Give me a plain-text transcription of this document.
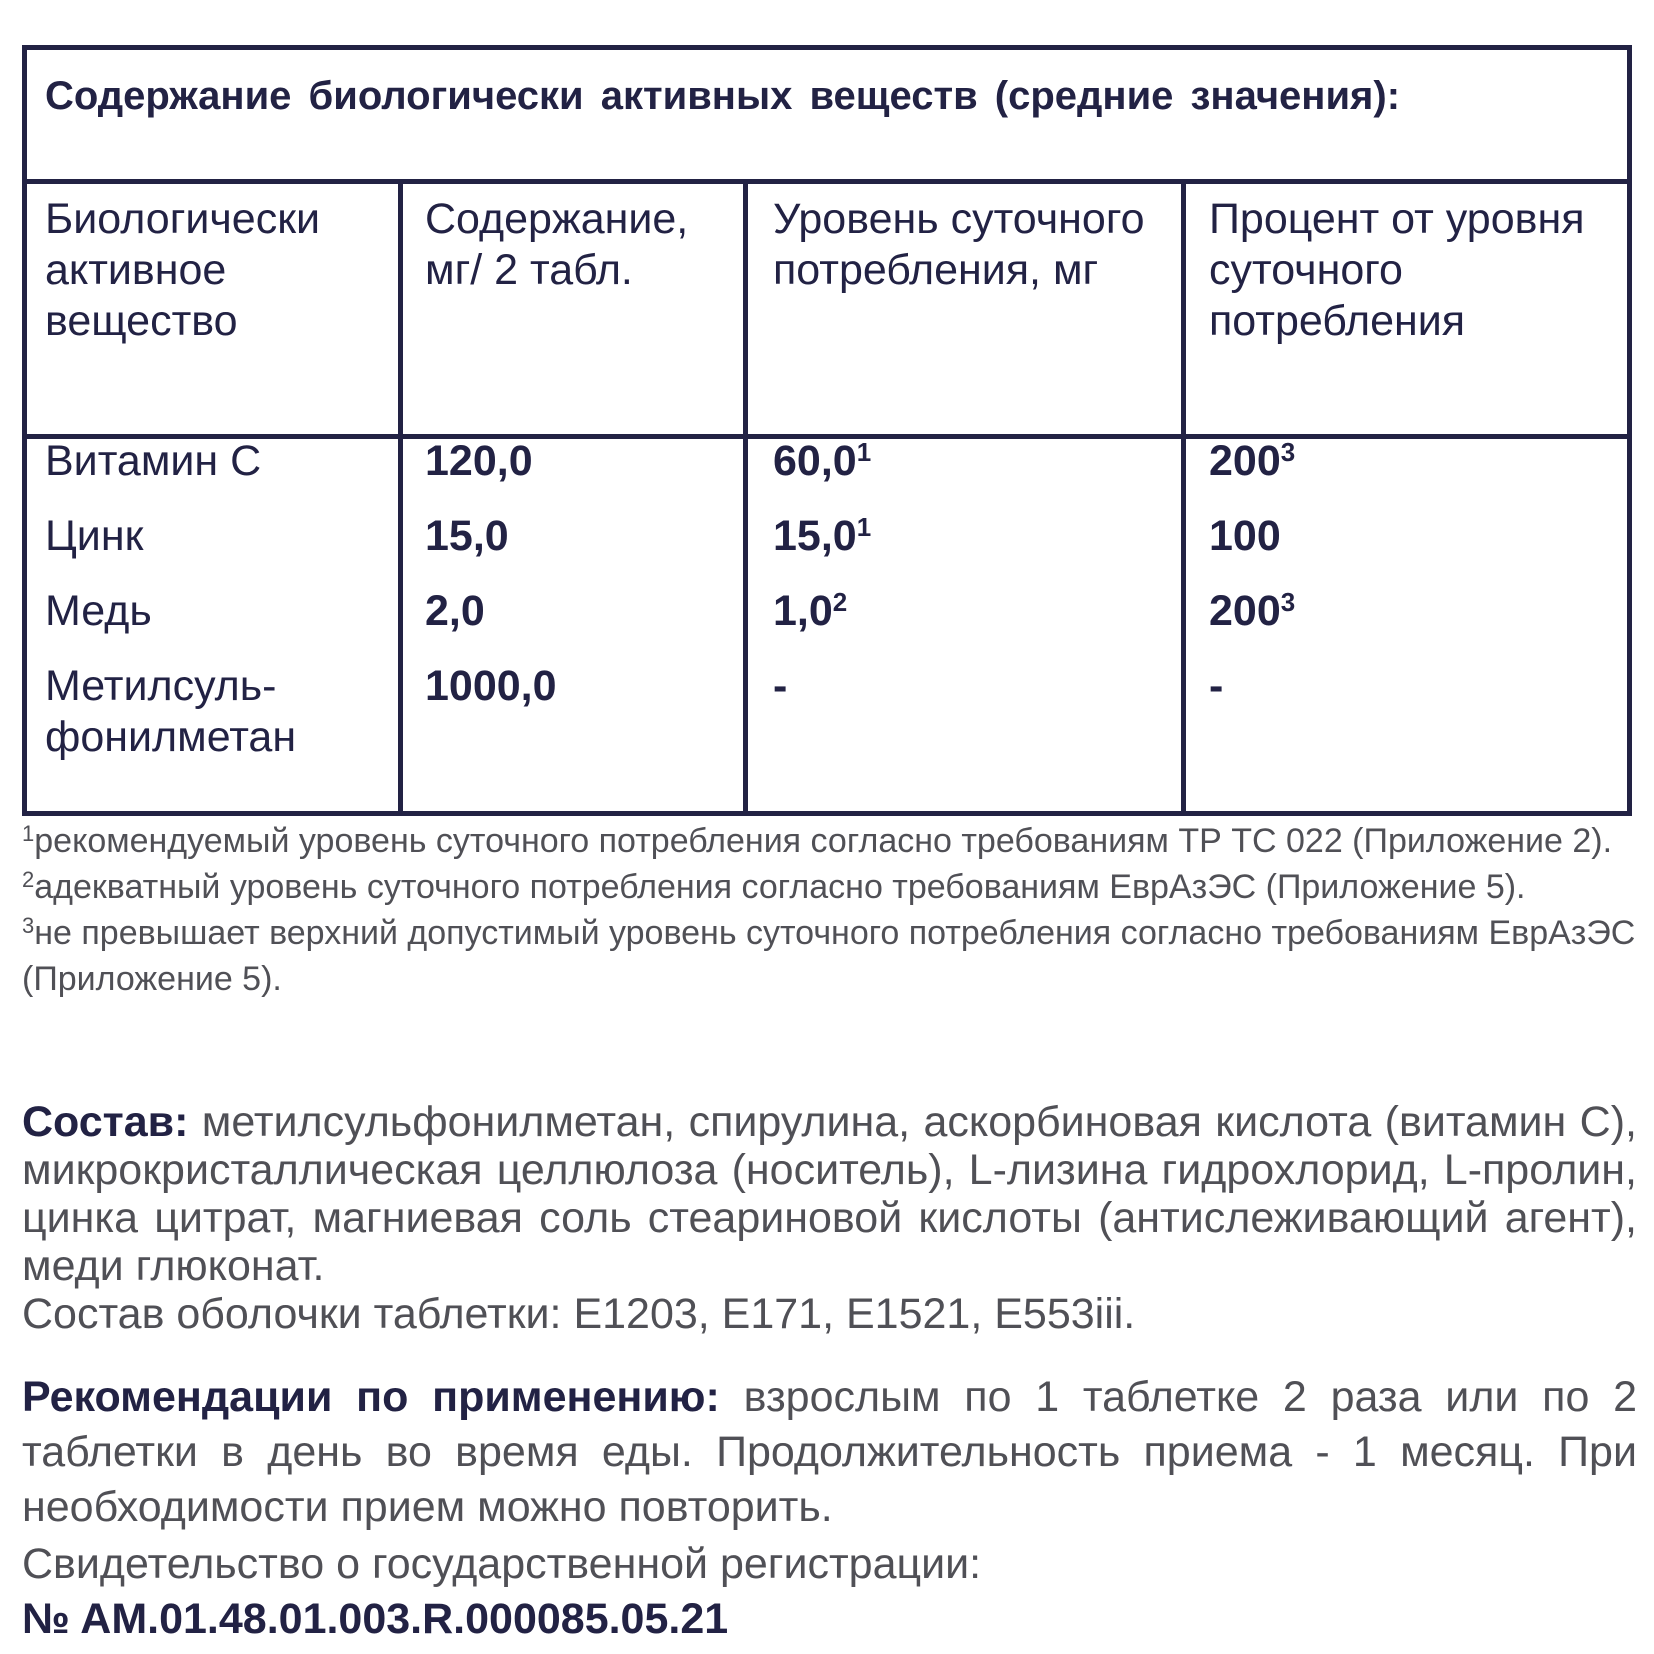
Содержание биологически активных веществ (средние значения):
Биологически активное вещество
Содержание, мг/ 2 табл.
Уровень суточного потребления, мг
Процент от уровня суточного потребления
Витамин С
Цинк
Медь
Метилсуль-фонилметан
120,0
15,0
2,0
1000,0
60,0$^1$
15,0$^1$
$1,0^2$
-
$200^3$
100
$200^3$
-

$^1$рекомендуемый уровень суточного потребления согласно требованиям ТР ТС 022 (Приложение 2).

$^2$адекватный уровень суточного потребления согласно требованиям ЕврАзЭС (Приложение 5).

$^3$не превышает верхний допустимый уровень суточного потребления согласно требованиям ЕврАзЭС (Приложение 5).

Состав: метилсульфонилметан, спирулина, аскорбиновая кислота (витамин С), микрокристаллическая целлюлоза (носитель), L-лизина гидрохлорид, L-пролин, цинка цитрат, магниевая соль стеариновой кислоты (антислеживающий агент), меди глюконат.
Состав оболочки таблетки: E1203, E171, E1521, E553iii.
Рекомендации по применению: взрослым по 1 таблетке 2 раза или по 2 таблетки в день во время еды. Продолжительность приема - 1 месяц. При необходимости прием можно повторить.
Свидетельство о государственной регистрации:
№ AM.01.48.01.003.R.000085.05.21
